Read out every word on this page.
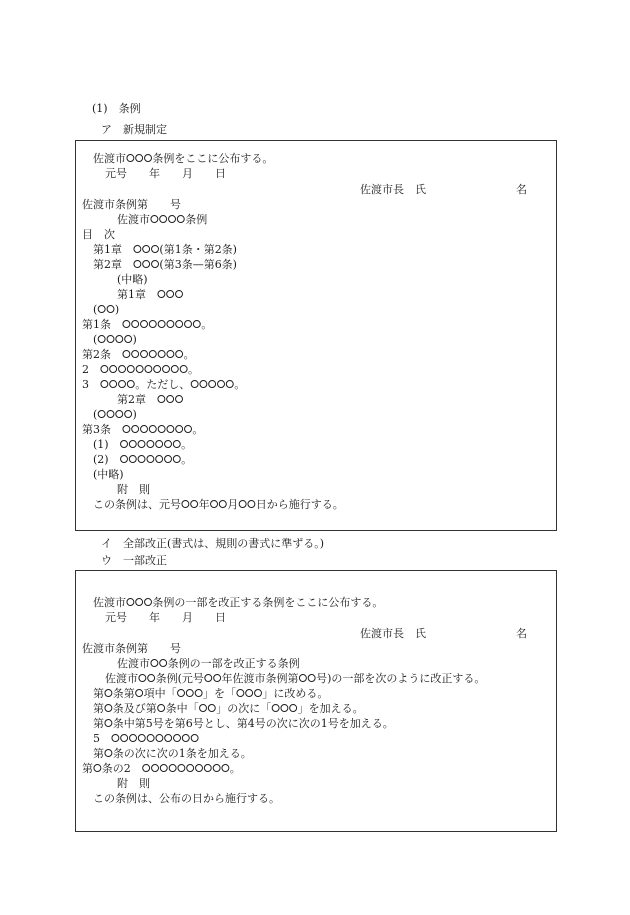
(1)　条例
ア　新規制定
佐渡市⭘⭘⭘条例をここに公布する。
元号　　年　　月　　日
佐渡市長　氏	名
佐渡市条例第　　号
佐渡市⭘⭘⭘⭘条例
目　次
第1章　⭘⭘⭘(第1条・第2条)
第2章　⭘⭘⭘(第3条—第6条)
(中略)
第1章　⭘⭘⭘
(⭘⭘)
第1条　⭘⭘⭘⭘⭘⭘⭘⭘⭘。
(⭘⭘⭘⭘)
第2条　⭘⭘⭘⭘⭘⭘⭘。
2　⭘⭘⭘⭘⭘⭘⭘⭘⭘⭘。
3　⭘⭘⭘⭘。ただし、⭘⭘⭘⭘⭘。
第2章　⭘⭘⭘
(⭘⭘⭘⭘)
第3条　⭘⭘⭘⭘⭘⭘⭘⭘。
(1)　⭘⭘⭘⭘⭘⭘⭘。
(2)　⭘⭘⭘⭘⭘⭘⭘。
(中略)
附　則
この条例は、元号⭘⭘年⭘⭘月⭘⭘日から施行する。
イ　全部改正(書式は、規則の書式に準ずる。)
ウ　一部改正
佐渡市⭘⭘⭘条例の一部を改正する条例をここに公布する。
元号　　年　　月　　日
佐渡市長　氏	名
佐渡市条例第　　号
佐渡市⭘⭘条例の一部を改正する条例
佐渡市⭘⭘条例(元号⭘⭘年佐渡市条例第⭘⭘号)の一部を次のように改正する。
第⭘条第⭘項中「⭘⭘⭘」を「⭘⭘⭘」に改める。
第⭘条及び第⭘条中「⭘⭘」の次に「⭘⭘⭘」を加える。
第⭘条中第5号を第6号とし、第4号の次に次の1号を加える。
5　⭘⭘⭘⭘⭘⭘⭘⭘⭘⭘
第⭘条の次に次の1条を加える。
第⭘条の2　⭘⭘⭘⭘⭘⭘⭘⭘⭘⭘。
附　則
この条例は、公布の日から施行する。
